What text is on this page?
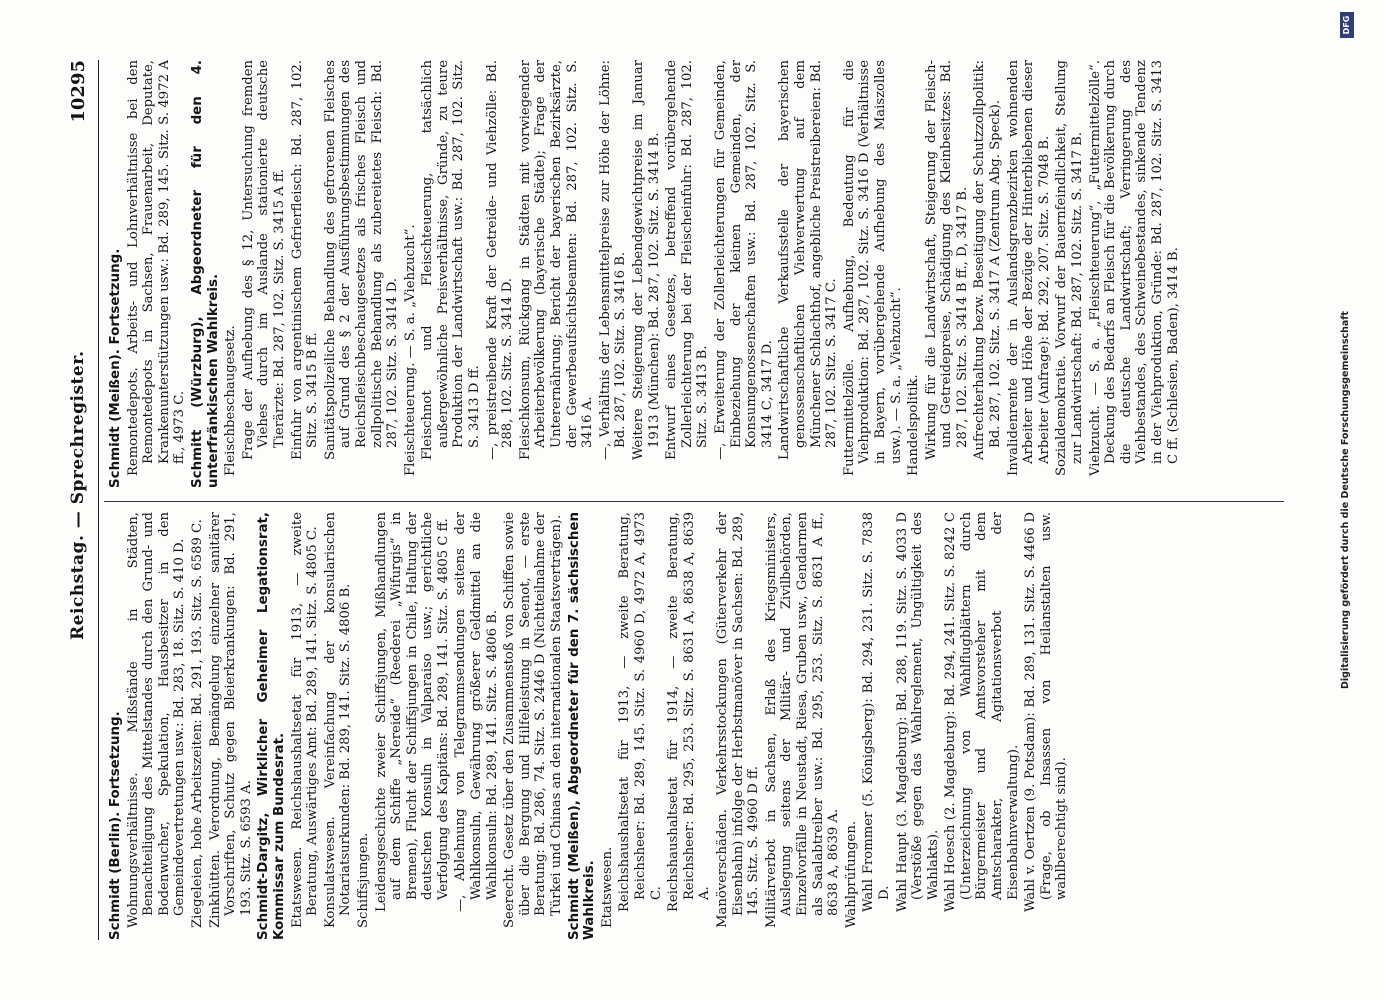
Reichstag. — Sprechregister.
10295
Schmidt (Berlin). Fortsetzung. Wohnungsverhältnisse. Mißstände in Städten, Benachteiligung des Mittelstandes durch den Grund- und Bodenwucher, Spekulation, Hausbesitzer in den Gemeindevertretungen usw.: Bd. 283, 18. Sitz. S. 410 D. Ziegeleien, hohe Arbeitszeiten: Bd. 291, 193. Sitz. S. 6589 C. Zinkhütten. Verordnung, Bemängelung einzelner sanitärer Vorschriften, Schutz gegen Bleierkrankungen: Bd. 291, 193. Sitz. S. 6593 A. Schmidt-Dargitz, Wirklicher Geheimer Legationsrat, Kommissar zum Bundesrat. Etatswesen. Reichshaushaltsetat für 1913, — zweite Beratung, Auswärtiges Amt: Bd. 289, 141. Sitz. S. 4805 C. Konsulatswesen. Vereinfachung der konsularischen Notariatsurkunden: Bd. 289, 141. Sitz. S. 4806 B. Schiffsjungen. Leidensgeschichte zweier Schiffsjungen, Mißhandlungen auf dem Schiffe „Nereide“ (Reederei „Wifurgis“ in Bremen), Flucht der Schiffsjungen in Chile, Haltung der deutschen Konsuln in Valparaiso usw.; gerichtliche Verfolgung des Kapitäns: Bd. 289, 141. Sitz. S. 4805 C ff. —, Ablehnung von Telegrammsendungen seitens der Wahlkonsuln, Gewährung größerer Geldmittel an die Wahlkonsuln: Bd. 289, 141. Sitz. S. 4806 B. Seerecht. Gesetz über den Zusammenstoß von Schiffen sowie über die Bergung und Hilfeleistung in Seenot, — erste Beratung: Bd. 286, 74. Sitz. S. 2446 D (Nichtteilnahme der Türkei und Chinas an den internationalen Staatsverträgen). Schmidt (Meißen), Abgeordneter für den 7. sächsischen Wahlkreis. Etatswesen. Reichshaushaltsetat für 1913, — zweite Beratung, Reichsheer: Bd. 289, 145. Sitz. S. 4960 D, 4972 A, 4973 C. Reichshaushaltsetat für 1914, — zweite Beratung, Reichsheer: Bd. 295, 253. Sitz. S. 8631 A, 8638 A, 8639 A. Manöverschäden. Verkehrsstockungen (Güterverkehr der Eisenbahn) infolge der Herbstmanöver in Sachsen: Bd. 289, 145. Sitz. S. 4960 D ff. Militärverbot in Sachsen, Erlaß des Kriegsministers, Auslegung seitens der Militär- und Zivilbehörden, Einzelvorfälle in Neustadt, Riesa, Gruben usw., Gendarmen als Saalabtreiber usw.: Bd. 295, 253. Sitz. S. 8631 A ff., 8638 A, 8639 A. Wahlprüfungen. Wahl Frommer (5. Königsberg): Bd. 294, 231. Sitz. S. 7838 D. Wahl Haupt (3. Magdeburg): Bd. 288, 119. Sitz. S. 4033 D (Verstöße gegen das Wahlreglement, Ungültigkeit des Wahlakts). Wahl Hoesch (2. Magdeburg): Bd. 294, 241. Sitz. S. 8242 C (Unterzeichnung von Wahlflugblättern durch Bürgermeister und Amtsvorsteher mit dem Amtscharakter, Agitationsverbot der Eisenbahnverwaltung). Wahl v. Oertzen (9. Potsdam): Bd. 289, 131. Sitz. S. 4466 D (Frage, ob Insassen von Heilanstalten usw. wahlberechtigt sind).
Schmidt (Meißen). Fortsetzung. Remontedepots. Arbeits- und Lohnverhältnisse bei den Remontedepots in Sachsen, Frauenarbeit, Deputate, Krankenunterstützungen usw.: Bd. 289, 145. Sitz. S. 4972 A ff., 4973 C. Schmitt (Würzburg), Abgeordneter für den 4. unterfränkischen Wahlkreis. Fleischbeschaugesetz. Frage der Aufhebung des § 12, Untersuchung fremden Viehes durch im Auslande stationierte deutsche Tierärzte: Bd. 287, 102. Sitz. S. 3415 A ff. Einfuhr von argentinischem Gefrierfleisch: Bd. 287, 102. Sitz. S. 3415 B ff. Sanitätspolizeiliche Behandlung des gefrorenen Fleisches auf Grund des § 2 der Ausführungsbestimmungen des Reichsfleischbeschaugesetzes als frisches Fleisch und zollpolitische Behandlung als zubereitetes Fleisch: Bd. 287, 102. Sitz. S. 3414 D. Fleischteuerung. — S. a. „Viehzucht“. Fleischnot und Fleischteuerung, tatsächlich außergewöhnliche Preisverhältnisse, Gründe, zu teure Produktion der Landwirtschaft usw.: Bd. 287, 102. Sitz. S. 3413 D ff. —, preistreibende Kraft der Getreide- und Viehzölle: Bd. 288, 102. Sitz. S. 3414 D. Fleischkonsum, Rückgang in Städten mit vorwiegender Arbeiterbevölkerung (bayerische Städte); Frage der Unterernährung; Bericht der bayerischen Bezirksärzte, der Gewerbeaufsichtsbeamten: Bd. 287, 102. Sitz. S. 3416 A. —, Verhältnis der Lebensmittelpreise zur Höhe der Löhne: Bd. 287, 102. Sitz. S. 3416 B. Weitere Steigerung der Lebendgewichtpreise im Januar 1913 (München): Bd. 287, 102. Sitz. S. 3414 B. Entwurf eines Gesetzes, betreffend vorübergehende Zollerleichterung bei der Fleischeinfuhr: Bd. 287, 102. Sitz. S. 3413 B. —, Erweiterung der Zollerleichterungen für Gemeinden, Einbeziehung der kleinen Gemeinden, der Konsumgenossenschaften usw.: Bd. 287, 102. Sitz. S. 3414 C, 3417 D. Landwirtschaftliche Verkaufsstelle der bayerischen genossenschaftlichen Viehverwertung auf dem Münchener Schlachthof, angebliche Preistreibereien: Bd. 287, 102. Sitz. S. 3417 C. Futtermittelzölle. Aufhebung, Bedeutung für die Viehproduktion: Bd. 287, 102. Sitz. S. 3416 D (Verhältnisse in Bayern, vorübergehende Aufhebung des Maiszolles usw.). — S. a. „Viehzucht“. Handelspolitik. Wirkung für die Landwirtschaft, Steigerung der Fleisch- und Getreidepreise, Schädigung des Kleinbesitzes: Bd. 287, 102. Sitz. S. 3414 B ff., D, 3417 B. Aufrechterhaltung bezw. Beseitigung der Schutzzollpolitik: Bd. 287, 102. Sitz. S. 3417 A (Zentrum Abg. Speck). Invalidenrente der in Auslandsgrenzbezirken wohnenden Arbeiter und Höhe der Bezüge der Hinterbliebenen dieser Arbeiter (Anfrage): Bd. 292, 207. Sitz. S. 7048 B. Sozialdemokratie. Vorwurf der Bauernfeindlichkeit, Stellung zur Landwirtschaft: Bd. 287, 102. Sitz. S. 3417 B. Viehzucht. — S. a. „Fleischteuerung“, „Futtermittelzölle“. Deckung des Bedarfs an Fleisch für die Bevölkerung durch die deutsche Landwirtschaft; Verringerung des Viehbestandes, des Schweinebestandes, sinkende Tendenz in der Viehproduktion, Gründe: Bd. 287, 102. Sitz. S. 3413 C ff. (Schlesien, Baden), 3414 B.	Digitalisierung gefördert durch die Deutsche Forschungsgemeinschaft
DFG
